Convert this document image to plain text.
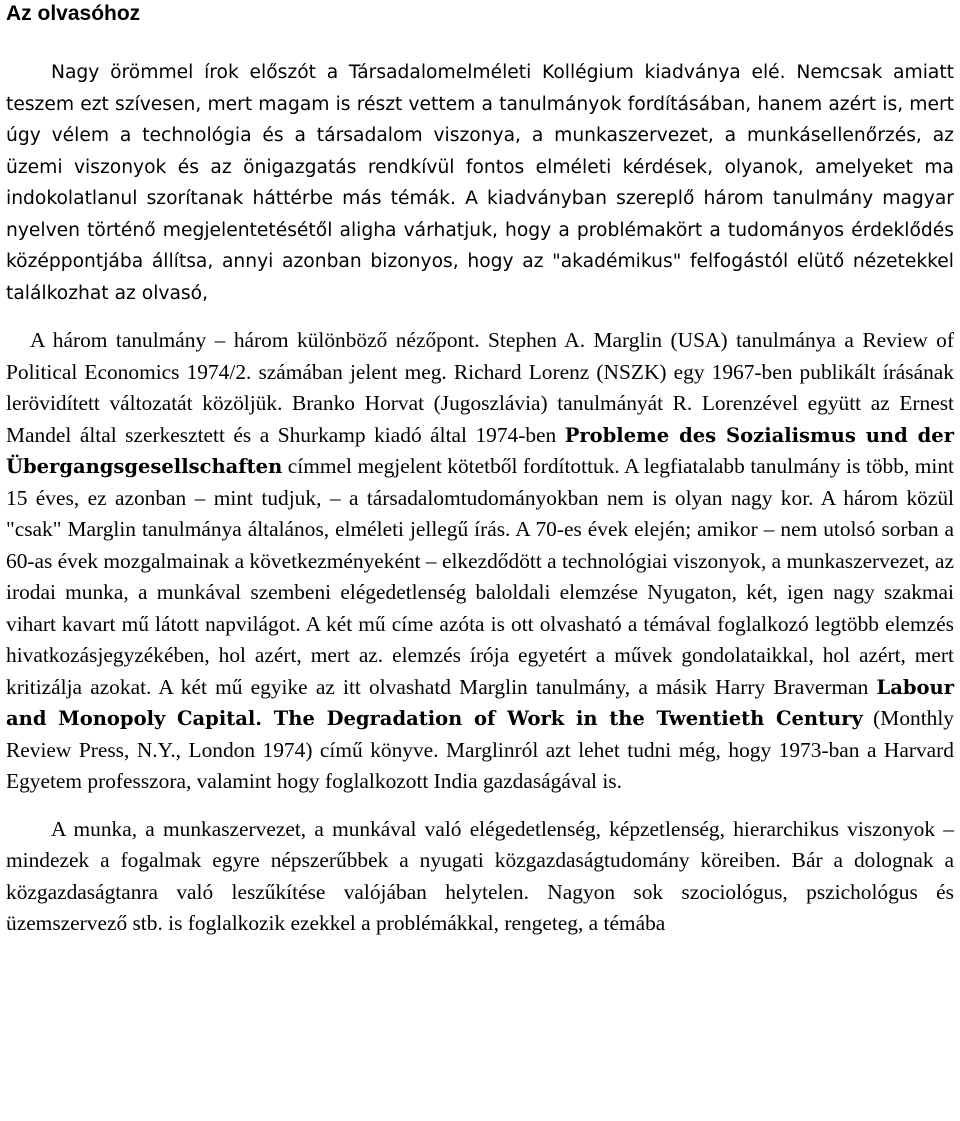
Az olvasóhoz

Nagy örömmel írok előszót a Társadalomelméleti Kollégium kiadványa elé. Nemcsak amiatt teszem ezt szívesen, mert magam is részt vettem a tanulmányok fordításában, hanem azért is, mert úgy vélem a technológia és a társadalom viszonya, a munkaszervezet, a munkásellenőrzés, az üzemi viszonyok és az önigazgatás rendkívül fontos elméleti kérdések, olyanok, amelyeket ma indokolatlanul szorítanak háttérbe más témák. A kiadványban szereplő három tanulmány magyar nyelven történő megjelentetésétől aligha várhatjuk, hogy a problémakört a tudományos érdeklődés középpontjába állítsa, annyi azonban bizonyos, hogy az "akadémikus" felfogástól elütő nézetekkel találkozhat az olvasó,

A három tanulmány – három különböző nézőpont. Stephen A. Marglin (USA) tanulmánya a Review of Political Economics 1974/2. számában jelent meg. Richard Lorenz (NSZK) egy 1967-ben publikált írásának lerövidített változatát közöljük. Branko Horvat (Jugoszlávia) tanulmányát R. Lorenzével együtt az Ernest Mandel által szerkesztett és a Shurkamp kiadó által 1974-ben Probleme des Sozialismus und der Übergangsgesellschaften címmel megjelent kötetből fordítottuk. A legfiatalabb tanulmány is több, mint 15 éves, ez azonban – mint tudjuk, – a társadalomtudományokban nem is olyan nagy kor. A három közül "csak" Marglin tanulmánya általános, elméleti jellegű írás. A 70-es évek elején; amikor – nem utolsó sorban a 60-as évek mozgalmainak a következményeként – elkezdődött a technológiai viszonyok, a munkaszervezet, az irodai munka, a munkával szembeni elégedetlenség baloldali elemzése Nyugaton, két, igen nagy szakmai vihart kavart mű látott napvilágot. A két mű címe azóta is ott olvasható a témával foglalkozó legtöbb elemzés hivatkozásjegyzékében, hol azért, mert az. elemzés írója egyetért a művek gondolataikkal, hol azért, mert kritizálja azokat. A két mű egyike az itt olvashatd Marglin tanulmány, a másik Harry Braverman Labour and Monopoly Capital. The Degradation of Work in the Twentieth Century (Monthly Review Press, N.Y., London 1974) című könyve. Marglinról azt lehet tudni még, hogy 1973-ban a Harvard Egyetem professzora, valamint hogy foglalkozott India gazdaságával is.

A munka, a munkaszervezet, a munkával való elégedetlenség, képzetlenség, hierarchikus viszonyok – mindezek a fogalmak egyre népszerűbbek a nyugati közgazdaságtudomány köreiben. Bár a dolognak a közgazdaságtanra való leszűkítése valójában helytelen. Nagyon sok szociológus, pszichológus és üzemszervező stb. is foglalkozik ezekkel a problémákkal, rengeteg, a témába
